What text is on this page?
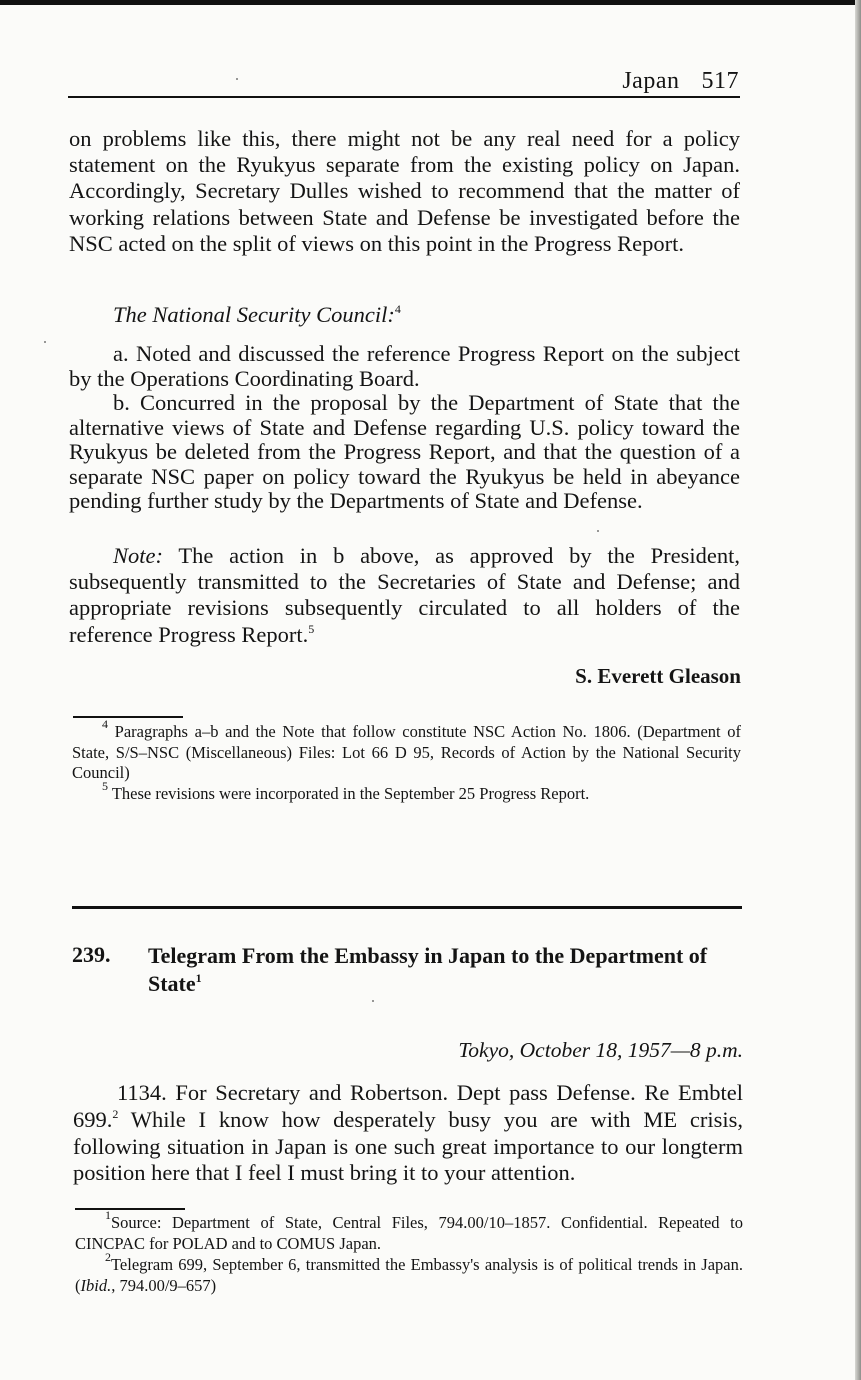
Japan 517

on problems like this, there might not be any real need for a policy statement on the Ryukyus separate from the existing policy on Japan. Accordingly, Secretary Dulles wished to recommend that the matter of working relations between State and Defense be investigated before the NSC acted on the split of views on this point in the Progress Report.

The National Security Council:$^4$

a. Noted and discussed the reference Progress Report on the subject by the Operations Coordinating Board.

b. Concurred in the proposal by the Department of State that the alternative views of State and Defense regarding U.S. policy toward the Ryukyus be deleted from the Progress Report, and that the question of a separate NSC paper on policy toward the Ryukyus be held in abeyance pending further study by the Departments of State and Defense.

Note: The action in b above, as approved by the President, subsequently transmitted to the Secretaries of State and Defense; and appropriate revisions subsequently circulated to all holders of the reference Progress Report.$^5$

S. Everett Gleason

$^4$ Paragraphs a–b and the Note that follow constitute NSC Action No. 1806. (Department of State, S/S–NSC (Miscellaneous) Files: Lot 66 D 95, Records of Action by the National Security Council)

$^5$ These revisions were incorporated in the September 25 Progress Report.

239. Telegram From the Embassy in Japan to the Department of State$^1$

Tokyo, October 18, 1957—8 p.m.

1134. For Secretary and Robertson. Dept pass Defense. Re Embtel 699.$^2$ While I know how desperately busy you are with ME crisis, following situation in Japan is one such great importance to our longterm position here that I feel I must bring it to your attention.

$^1$Source: Department of State, Central Files, 794.00/10–1857. Confidential. Repeated to CINCPAC for POLAD and to COMUS Japan.

$^2$Telegram 699, September 6, transmitted the Embassy's analysis is of political trends in Japan. (Ibid., 794.00/9–657)
